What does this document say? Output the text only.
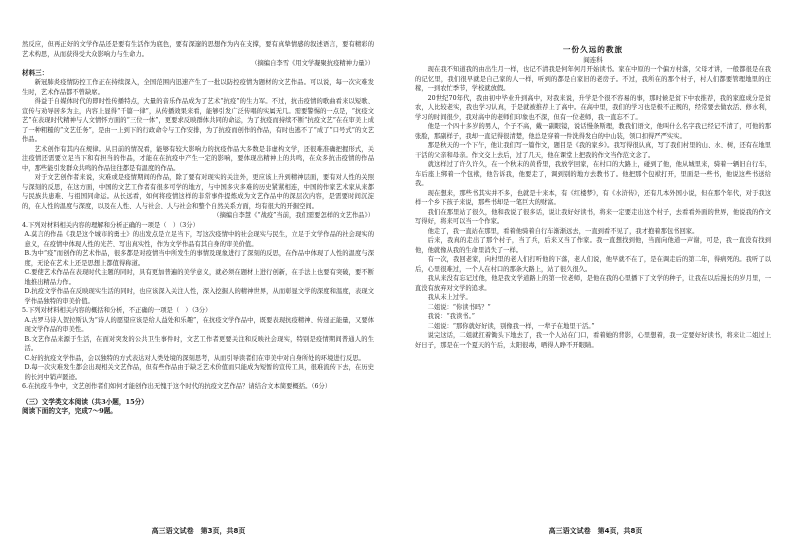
然反应，但再正好的文学作品还是要有生活作为底色，要有深邃的思想作为内在支撑，要有真挚情感的叙述语言，要有精彩的艺术构思，从而获得受大众影响力与生命力。

（摘编自李雪《用文学凝聚抗疫精神力量》）

材料三：

新冠肺炎疫情防控工作正在持续深入，全国范围内迅速产生了一批以防控疫情为题材的文艺作品。可以说，每一次灾难发生时，艺术作品都不曾缺席。

得益于自媒体时代的即时性传播特点，大量的音乐作品成为了艺术“抗疫”的生力军。不过，抗击疫情的歌曲看来以短歌、宣传与劝导居多为主，内容上显得“千篇一律”，从传播效果来看，能够引发广泛传唱的实属无几。需要警惕的一点是，“抗疫文艺”在表现时代精神与人文情怀方面的“三位一体”，更要求反映群体共同的命运，为了抗疫而持续不断“抗疫文艺”在在审美上成了一种粗糙的“文艺任务”，是由一上到下的行政命令与工作安排，为了抗疫而创作的作品，有时也逃不了“成了”口号式”的文艺作品。

艺术创作有其内在规律。从目前的情况看，能够有较大影响力的抗疫作品大多数是非虚构文学，还很难准确把握形式，关注疫情还需要立足当下和有担当的作品，才能在在抗疫中产生一定的影响，要体现出精神上的共鸣，在众多抗击疫情的作品中，那些能引发群众共鸣的作品往往都是有温度的作品。

对于文艺创作者来说，灾难或是疫情期间的作品，除了要有对现实的关注外，更应该上升到精神层面，要有对人性的关照与深刻的反思，在这方面，中国的文艺工作者有很多可学的地方，与中国多灾多难的历史紧紧相连，中国的作家艺术家从来都与民族共患难、与祖国同命运。从长远看，如何将疫情这样的非常事件提炼成为文艺作品中的深层次内容，是需要时间沉淀的，在人性的温度与深度，以及在人性、人与社会、人与社会和整个自然关系方面，均有很大的开掘空间。

（摘编自李慧《“战疫”当前，我们需要怎样的文艺作品》）

4.下列对材料相关内容的理解和分析正确的一项是（　）（3分）

A.莫言的作品《我是这个城市的勇士》的出发点是立足当下，写这次疫情中的社会现实与民生，立足于文学作品的社会现实的意义，在疫情中体现人性的光芒、写出真实性，作为文学作品有其自身的审美价值。

B.为中“疫”而创作的艺术作品，很多都是对疫情当中所发生的事情及现象进行了深刻的反思，在作品中体现了人性的温度与深度，无论在艺术上还是思想上都值得称道。

C.要使艺术作品在表现时代主题的同时，具有更加普遍的美学意义，就必须在题材上进行创新，在手法上也要有突破，要不断地推出精品力作。

D.抗疫文学作品在反映现实生活的同时，也应该深入关注人性，深入挖掘人的精神世界，从而彰显文学的深度和温度，表现文学作品独特的审美价值。

5.下列对材料相关内容的概括和分析，不正确的一项是（　）（3分）

A.古罗马诗人贺拉斯认为“诗人的愿望应该是给人益处和乐趣”，在抗疫文学作品中，既要表现抗疫精神、传递正能量，又要体现文学作品的审美性。

B.文艺作品来源于生活，在面对突发的公共卫生事件时，文艺工作者更要关注和反映社会现实，特别是疫情期间普通人的生活。

C.好的抗疫文学作品，会以独特的方式表达对人类处境的深刻思考，从而引导读者们在审美中对自身所处的环境进行反思。

D.每一次灾难发生都会出现相关文艺作品，但有些作品由于缺乏艺术价值而只能成为短暂的宣传工具，很难流传下去，在历史的长河中销声匿迹。

6.在抗疫斗争中，文艺创作者们如何才能创作出无愧于这个时代的抗疫文艺作品？请结合文本简要概括。（6分）

（三）文学类文本阅读（共3小题，15分）

阅读下面的文字，完成7～9题。

高三语文试卷　第3页，共8页
一份久远的教旅
阎连科

现在我不知道我的由出生月一样，也记不清我是何年何月开始读书。家在中原的一个偏方村落，父母才讲，一般都很是在我的记忆里，我们很早就是自己家的人一样，听到的都是自家旧的老房子。不过，我所在的那个村子，村人们都要管理地里的庄稼，一到农忙季节，学校就放假。

20世纪70年代，我由初中毕业升到高中，对我来说，升学是个很不容易的事，那时候是贫下中农推荐，我的家庭成分是贫农，人比较老实，我也学习认真，于是就被推荐上了高中。在高中里，我们的学习也是极不正规的，经常要去做农活、修水利，学习的时间很少，我对高中的老师们印象也不深，但有一位老师，我一直忘不了。

他是一个四十多岁的男人，个子不高，戴一副眼镜，说话慢条斯理，教我们语文，他叫什么名字我已经记不清了，可他的那张脸，那副样子，我却一直记得很清楚，他总是穿着一件洗得发白的中山装，领口扣得严严实实。

那是秋天的一个下午，他让我们写一篇作文，题目是《我的家乡》。我写得很认真，写了我们村里的山、水、树，还有在地里干活的父亲和母亲。作文交上去后，过了几天，他在课堂上把我的作文当作范文念了。

就这样过了许久许久，在一个秋末的黄昏里，我放学回家，在村口的大路上，碰到了他，他从城里来，骑着一辆旧自行车，车后座上绑着一个包袱，他告诉我，他要走了，调到别的地方去教书了。他把那个包袱打开，里面是一些书，他说这些书送给我。

现在想来，那些书其实并不多，也就是十来本，有《红楼梦》，有《水浒传》，还有几本外国小说，但在那个年代，对于我这样一个乡下孩子来说，那些书却是一笔巨大的财富。

我们在那里站了很久，他和我说了很多话，说让我好好读书，将来一定要走出这个村子，去看看外面的世界，他说我的作文写得好，将来可以当一个作家。

他走了，我一直站在那里，看着他骑着自行车渐渐远去，一直到看不见了，我才抱着那包书回家。

后来，我真的走出了那个村子，当了兵，后来又当了作家。我一直想找到他，当面向他道一声谢，可是，我一直没有找到他，他就像从我的生命里消失了一样。

有一次，我回老家，向村里的老人们打听他的下落，老人们说，他早就不在了，是在调走后的第二年，得病死的。我听了以后，心里很难过，一个人在村口的那条大路上，站了很久很久。

我从来没有忘记过他，他是我文学道路上的第一位老师，是他在我的心里播下了文学的种子，让我在以后漫长的岁月里，一直没有放弃对文学的追求。

我从未上过学。

二姐说：“你读书吗？”

我说：“我读书。”

二姐说：“那你就好好读，别像我一样，一辈子在地里干活。”

说完这话，二姐就扛着锄头下地去了，我一个人站在门口，看着她的背影，心里想着，我一定要好好读书，将来让二姐过上好日子，那是在一个夏天的午后，太阳很毒，晒得人睁不开眼睛。

高三语文试卷　第4页，共8页
